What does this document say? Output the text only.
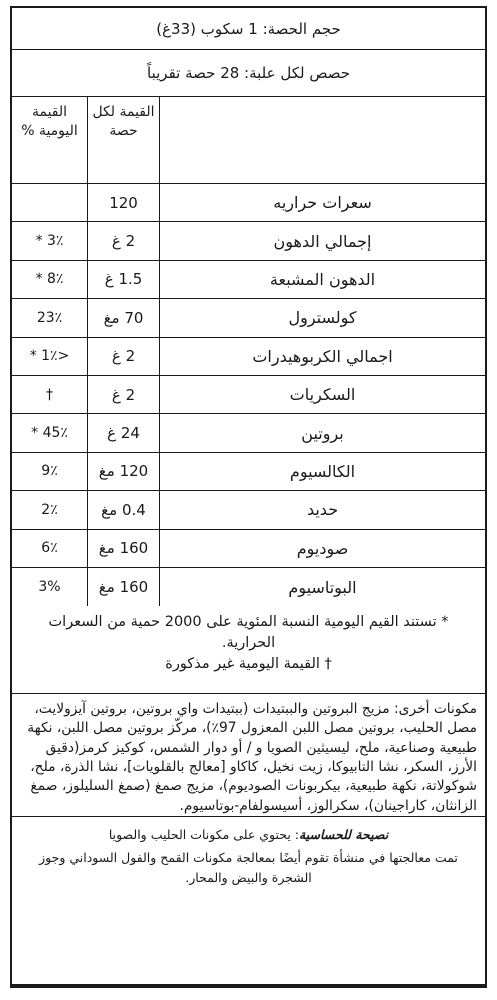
حجم الحصة: 1 سكوب (33غ)
حصص لكل علبة: 28 حصة تقريباً
القيمة لكل حصة
القيمة اليومية %
سعرات حراريه
120
إجمالي الدهون
2 غ
3٪ *
الدهون المشبعة
1.5 غ
8٪ *
كولسترول
70 مغ
23٪
اجمالي الكربوهيدرات
2 غ
<1٪ *
السكريات
2 غ
†
بروتين
24 غ
45٪ *
الكالسيوم
120 مغ
9٪
حديد
0.4 مغ
2٪
صوديوم
160 مغ
6٪
البوتاسيوم
160 مغ
3%

* تستند القيم اليومية النسبة المئوية على 2000 حمية من السعرات الحرارية.

† القيمة اليومية غير مذكورة

مكونات أخرى: مزيج البروتين والببتيدات (ببتيدات واي بروتين، بروتين آيزولايت، مصل الحليب، بروتين مصل اللبن المعزول 97٪)، مركّز بروتين مصل اللبن، نكهة طبيعية وصناعية، ملح، ليسيثين الصويا و / أو دوار الشمس، كوكيز كرمز(دقيق الأرز، السكر، نشا التابيوكا، زيت نخيل، كاكاو [معالج بالقلويات]، نشا الذرة، ملح، شوكولاتة، نكهة طبيعية، بيكربونات الصوديوم)، مزيج صمغ (صمغ السليلوز، صمغ الزانثان، كاراجينان)، سكرالوز، أسيسولفام-بوتاسيوم.

نصيحة للحساسية: يحتوي على مكونات الحليب والصويا

تمت معالجتها في منشأة تقوم أيضًا بمعالجة مكونات القمح والفول السوداني وجوز الشجرة والبيض والمحار.
